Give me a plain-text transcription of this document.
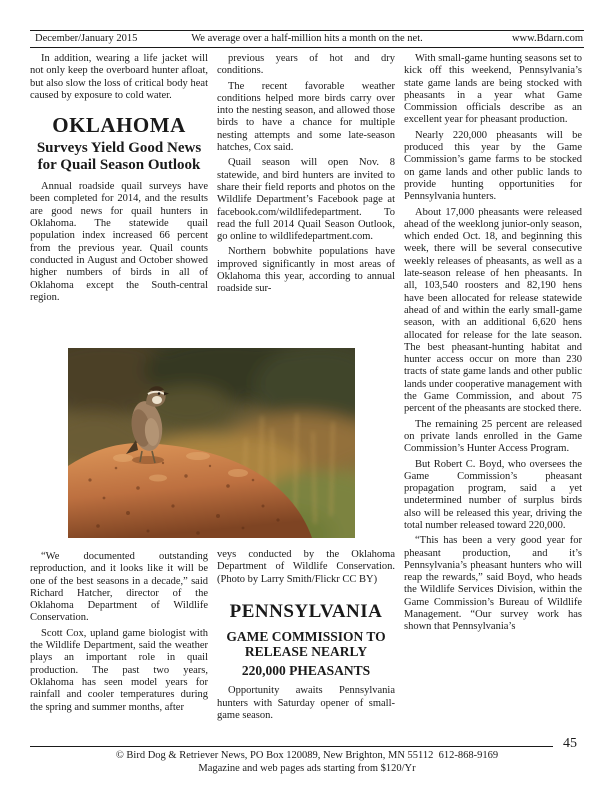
December/January 2015	We average over a half-million hits a month on the net.	www.Bdarn.com

In addition, wearing a life jacket will not only keep the overboard hunter afloat, but also slow the loss of critical body heat caused by exposure to cold water.

OKLAHOMA
Surveys Yield Good News for Quail Season Outlook

Annual roadside quail surveys have been completed for 2014, and the results are good news for quail hunters in Oklahoma. The statewide quail population index increased 66 percent from the previous year. Quail counts conducted in August and October showed higher numbers of birds in all of Oklahoma except the South-central region.

“We documented outstanding reproduction, and it looks like it will be one of the best seasons in a decade,” said Richard Hatcher, director of the Oklahoma Department of Wildlife Conservation.

Scott Cox, upland game biologist with the Wildlife Department, said the weather plays an important role in quail production. The past two years, Oklahoma has seen model years for rainfall and cooler temperatures during the spring and summer months, after

previous years of hot and dry conditions.

The recent favorable weather conditions helped more birds carry over into the nesting season, and allowed those birds to have a chance for multiple nesting attempts and some late-season hatches, Cox said.

Quail season will open Nov. 8 statewide, and bird hunters are invited to share their field reports and photos on the Wildlife Department’s Facebook page at facebook.com/wildlifedepartment. To read the full 2014 Quail Season Outlook, go online to wildlifedepartment.com.

Northern bobwhite populations have improved significantly in most areas of Oklahoma this year, according to annual roadside sur-

veys conducted by the Oklahoma Department of Wildlife Conservation. (Photo by Larry Smith/Flickr CC BY)

PENNSYLVANIA
GAME COMMISSION TO RELEASE NEARLY
220,000 PHEASANTS

Opportunity awaits Pennsylvania hunters with Saturday opener of small-game season.

With small-game hunting seasons set to kick off this weekend, Pennsylvania’s state game lands are being stocked with pheasants in a year what Game Commission officials describe as an excellent year for pheasant production.

Nearly 220,000 pheasants will be produced this year by the Game Commission’s game farms to be stocked on game lands and other public lands to provide hunting opportunities for Pennsylvania hunters.

About 17,000 pheasants were released ahead of the weeklong junior-only season, which ended Oct. 18, and beginning this week, there will be several consecutive weekly releases of pheasants, as well as a late-season release of hen pheasants. In all, 103,540 roosters and 82,190 hens have been allocated for release statewide ahead of and within the early small-game season, with an additional 6,620 hens allocated for release for the late season. The best pheasant-hunting habitat and hunter access occur on more than 230 tracts of state game lands and other public lands under cooperative management with the Game Commission, and about 75 percent of the pheasants are stocked there.

The remaining 25 percent are released on private lands enrolled in the Game Commission’s Hunter Access Program.

But Robert C. Boyd, who oversees the Game Commission’s pheasant propagation program, said a yet undetermined number of surplus birds also will be released this year, driving the total number released toward 220,000.

“This has been a very good year for pheasant production, and it’s Pennsylvania’s pheasant hunters who will reap the rewards,” said Boyd, who heads the Wildlife Services Division, within the Game Commission’s Bureau of Wildlife Management. “Our survey work has shown that Pennsylvania’s

© Bird Dog & Retriever News, PO Box 120089, New Brighton, MN 55112  612-868-9169
Magazine and web pages ads starting from $120/Yr
45
